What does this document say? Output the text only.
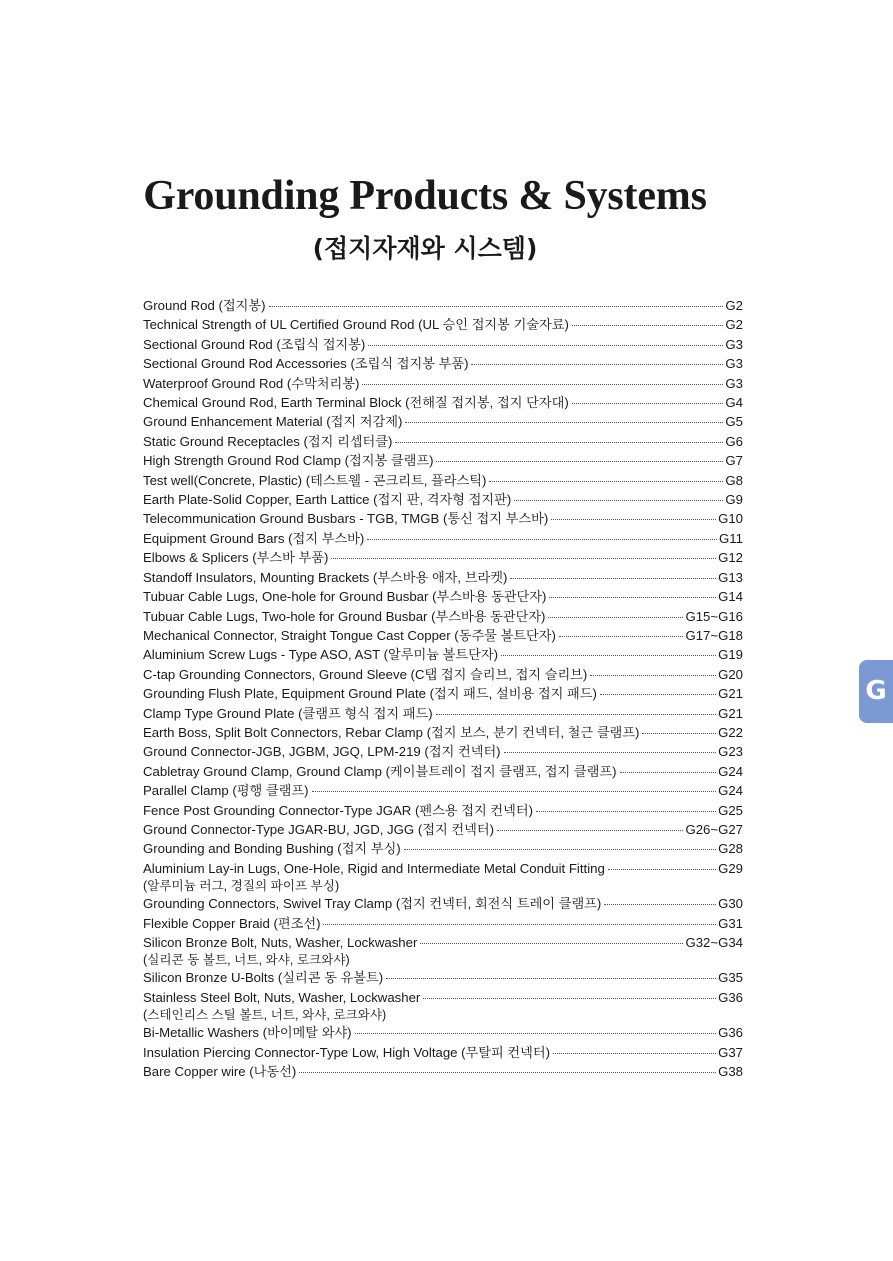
Grounding Products & Systems
(접지자재와 시스템)
Ground Rod (접지봉)	G2
Technical Strength of UL Certified Ground Rod (UL 승인 접지봉 기술자료)	G2
Sectional Ground Rod (조립식 접지봉)	G3
Sectional Ground Rod Accessories (조립식 접지봉 부품)	G3
Waterproof Ground Rod (수막처리봉)	G3
Chemical Ground Rod, Earth Terminal Block (전해질 접지봉, 접지 단자대)	G4
Ground Enhancement Material (접지 저감제)	G5
Static Ground Receptacles (접지 리셉터클)	G6
High Strength Ground Rod Clamp (접지봉 클램프)	G7
Test well(Concrete, Plastic) (테스트웰 - 콘크리트, 플라스틱)	G8
Earth Plate-Solid Copper, Earth Lattice (접지 판, 격자형 접지판)	G9
Telecommunication Ground Busbars - TGB, TMGB (통신 접지 부스바)	G10
Equipment Ground Bars (접지 부스바)	G11
Elbows & Splicers (부스바 부품)	G12
Standoff Insulators, Mounting Brackets (부스바용 애자, 브라켓)	G13
Tubuar Cable Lugs, One-hole for Ground Busbar (부스바용 동관단자)	G14
Tubuar Cable Lugs, Two-hole for Ground Busbar (부스바용 동관단자)	G15~G16
Mechanical Connector, Straight Tongue Cast Copper (동주물 볼트단자)	G17~G18
Aluminium Screw Lugs - Type ASO, AST (알루미늄 볼트단자)	G19
C-tap Grounding Connectors, Ground Sleeve (C탭 접지 슬리브, 접지 슬리브)	G20
Grounding Flush Plate, Equipment Ground Plate (접지 패드, 설비용 접지 패드)	G21
Clamp Type Ground Plate (클램프 형식 접지 패드)	G21
Earth Boss, Split Bolt Connectors, Rebar Clamp (접지 보스, 분기 컨넥터, 철근 클램프)	G22
Ground Connector-JGB, JGBM, JGQ, LPM-219 (접지 컨넥터)	G23
Cabletray Ground Clamp, Ground Clamp (케이블트레이 접지 클램프, 접지 클램프)	G24
Parallel Clamp (평행 클램프)	G24
Fence Post Grounding Connector-Type JGAR (펜스용 접지 컨넥터)	G25
Ground Connector-Type JGAR-BU, JGD, JGG (접지 컨넥터)	G26~G27
Grounding and Bonding Bushing (접지 부싱)	G28
Aluminium Lay-in Lugs, One-Hole, Rigid and Intermediate Metal Conduit Fitting	G29
(알루미늄 러그, 경질의 파이프 부싱)
Grounding Connectors, Swivel Tray Clamp (접지 컨넥터, 회전식 트레이 클램프)	G30
Flexible Copper Braid (편조선)	G31
Silicon Bronze Bolt, Nuts, Washer, Lockwasher	G32~G34
(실리콘 동 볼트, 너트, 와샤, 로크와샤)
Silicon Bronze U-Bolts (실리콘 동 유볼트)	G35
Stainless Steel Bolt, Nuts, Washer, Lockwasher	G36
(스테인리스 스틸 볼트, 너트, 와샤, 로크와샤)
Bi-Metallic Washers (바이메탈 와샤)	G36
Insulation Piercing Connector-Type Low, High Voltage (무탈피 컨넥터)	G37
Bare Copper wire (나동선)	G38
G
